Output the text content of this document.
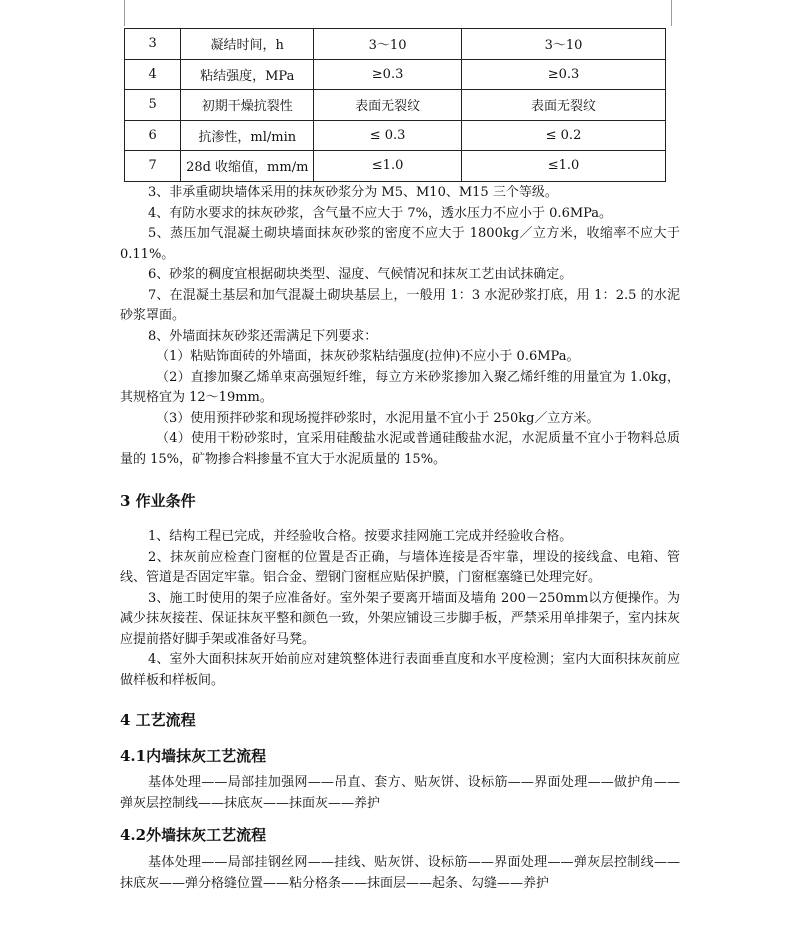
3	凝结时间，h	3～10	3～10
4	粘结强度，MPa	≥0.3	≥0.3
5	初期干燥抗裂性	表面无裂纹	表面无裂纹
6	抗渗性，ml/min	≤ 0.3	≤ 0.2
7	28d 收缩值，mm/m	≤1.0	≤1.0

3、非承重砌块墙体采用的抹灰砂浆分为 M5、M10、M15 三个等级。

4、有防水要求的抹灰砂浆，含气量不应大于 7%，透水压力不应小于 0.6MPa。

5、蒸压加气混凝土砌块墙面抹灰砂浆的密度不应大于 1800kg／立方米，收缩率不应大于 0.11%。

6、砂浆的稠度宜根据砌块类型、湿度、气候情况和抹灰工艺由试抹确定。

7、在混凝土基层和加气混凝土砌块基层上，一般用 1：3 水泥砂浆打底，用 1：2.5 的水泥砂浆罩面。

8、外墙面抹灰砂浆还需满足下列要求：

（1）粘贴饰面砖的外墙面，抹灰砂浆粘结强度(拉伸)不应小于 0.6MPa。

（2）直掺加聚乙烯单束高强短纤维，每立方米砂浆掺加入聚乙烯纤维的用量宜为 1.0kg，其规格宜为 12～19mm。

（3）使用预拌砂浆和现场搅拌砂浆时，水泥用量不宜小于 250kg／立方米。

（4）使用干粉砂浆时，宜采用硅酸盐水泥或普通硅酸盐水泥，水泥质量不宜小于物料总质量的 15%，矿物掺合料掺量不宜大于水泥质量的 15%。

3 作业条件

1、结构工程已完成，并经验收合格。按要求挂网施工完成并经验收合格。

2、抹灰前应检查门窗框的位置是否正确，与墙体连接是否牢靠，埋设的接线盒、电箱、管线、管道是否固定牢靠。铝合金、塑钢门窗框应贴保护膜，门窗框塞缝已处理完好。

3、施工时使用的架子应准备好。室外架子要离开墙面及墙角 200－250mm以方便操作。为减少抹灰接茬、保证抹灰平整和颜色一致，外架应铺设三步脚手板，严禁采用单排架子，室内抹灰应提前搭好脚手架或准备好马凳。

4、室外大面积抹灰开始前应对建筑整体进行表面垂直度和水平度检测；室内大面积抹灰前应做样板和样板间。

4 工艺流程
4.1内墙抹灰工艺流程

基体处理——局部挂加强网——吊直、套方、贴灰饼、设标筋——界面处理——做护角——弹灰层控制线——抹底灰——抹面灰——养护

4.2外墙抹灰工艺流程

基体处理——局部挂钢丝网——挂线、贴灰饼、设标筋——界面处理——弹灰层控制线——抹底灰——弹分格缝位置——粘分格条——抹面层——起条、勾缝——养护
